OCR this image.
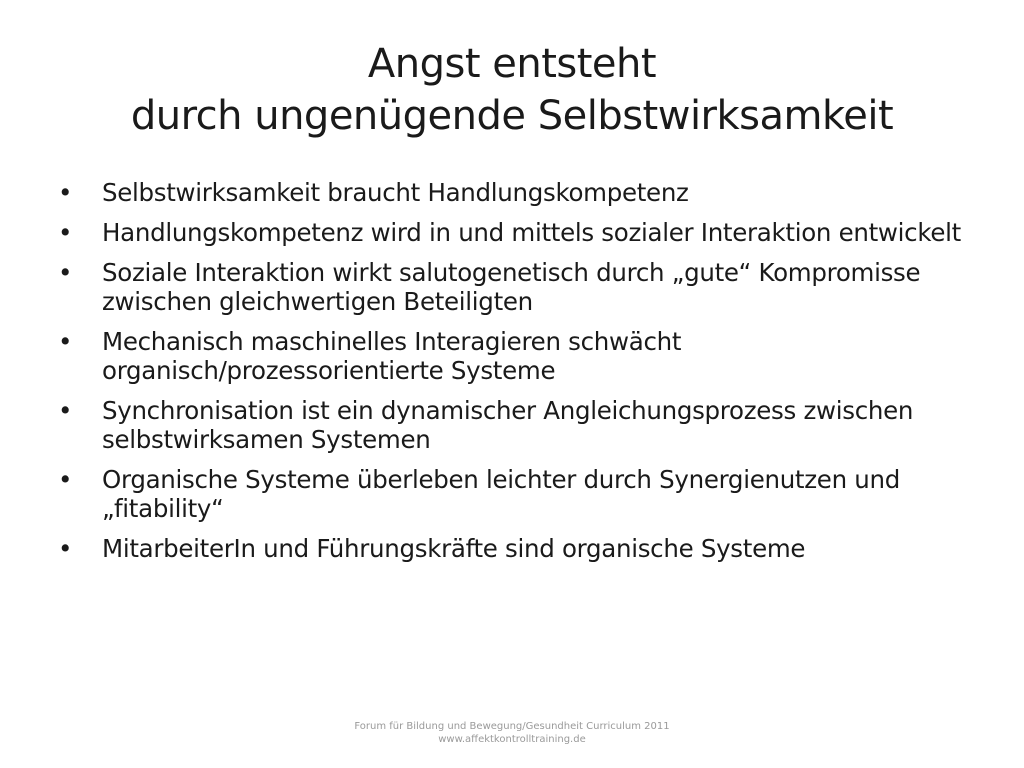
Angst entsteht
durch ungenügende Selbstwirksamkeit
• Selbstwirksamkeit braucht Handlungskompetenz
• Handlungskompetenz wird in und mittels sozialer Interaktion entwickelt
• Soziale Interaktion wirkt salutogenetisch durch „gute“ Kompromisse zwischen gleichwertigen Beteiligten
• Mechanisch maschinelles Interagieren schwächt organisch/prozessorientierte Systeme
• Synchronisation ist ein dynamischer Angleichungsprozess zwischen selbstwirksamen Systemen
• Organische Systeme überleben leichter durch Synergienutzen und „fitability“
• MitarbeiterIn und Führungskräfte sind organische Systeme
Forum für Bildung und Bewegung/Gesundheit Curriculum 2011
www.affektkontrolltraining.de
